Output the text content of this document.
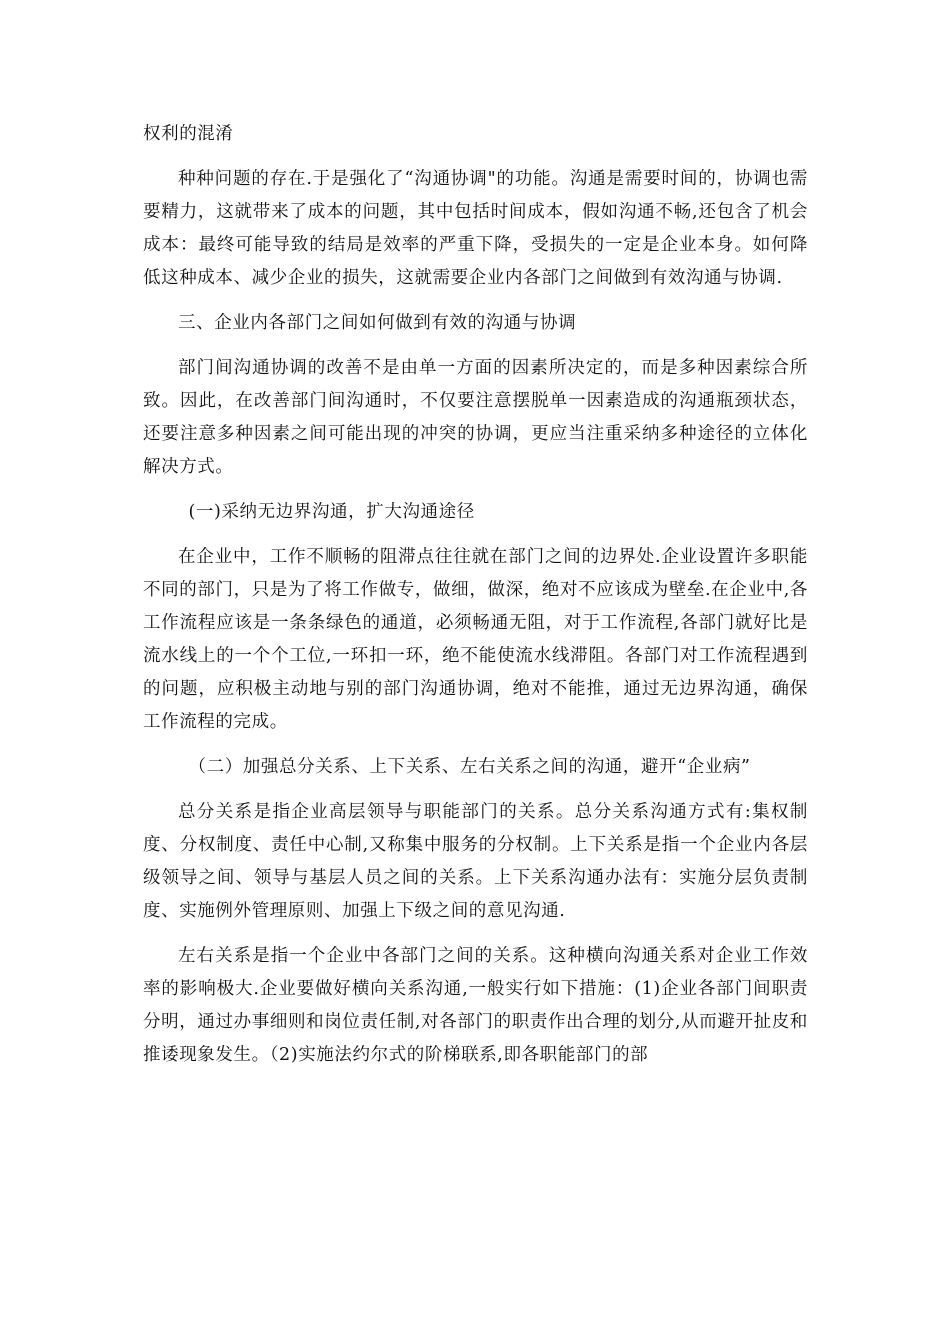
权利的混淆

种种问题的存在.于是强化了“沟通协调"的功能。沟通是需要时间的，协调也需要精力，这就带来了成本的问题，其中包括时间成本，假如沟通不畅,还包含了机会成本：最终可能导致的结局是效率的严重下降，受损失的一定是企业本身。如何降低这种成本、减少企业的损失，这就需要企业内各部门之间做到有效沟通与协调.

三、企业内各部门之间如何做到有效的沟通与协调

部门间沟通协调的改善不是由单一方面的因素所决定的，而是多种因素综合所致。因此，在改善部门间沟通时，不仅要注意摆脱单一因素造成的沟通瓶颈状态，还要注意多种因素之间可能出现的冲突的协调，更应当注重采纳多种途径的立体化解决方式。

(一)采纳无边界沟通，扩大沟通途径

在企业中，工作不顺畅的阻滞点往往就在部门之间的边界处.企业设置许多职能不同的部门，只是为了将工作做专，做细，做深，绝对不应该成为壁垒.在企业中,各工作流程应该是一条条绿色的通道，必须畅通无阻，对于工作流程,各部门就好比是流水线上的一个个工位,一环扣一环，绝不能使流水线滞阻。各部门对工作流程遇到的问题，应积极主动地与别的部门沟通协调，绝对不能推，通过无边界沟通，确保工作流程的完成。

（二）加强总分关系、上下关系、左右关系之间的沟通，避开“企业病”

总分关系是指企业高层领导与职能部门的关系。总分关系沟通方式有:集权制度、分权制度、责任中心制,又称集中服务的分权制。上下关系是指一个企业内各层级领导之间、领导与基层人员之间的关系。上下关系沟通办法有：实施分层负责制度、实施例外管理原则、加强上下级之间的意见沟通.

左右关系是指一个企业中各部门之间的关系。这种横向沟通关系对企业工作效率的影响极大.企业要做好横向关系沟通,一般实行如下措施：(1)企业各部门间职责分明，通过办事细则和岗位责任制,对各部门的职责作出合理的划分,从而避开扯皮和推诿现象发生。（2)实施法约尔式的阶梯联系,即各职能部门的部
